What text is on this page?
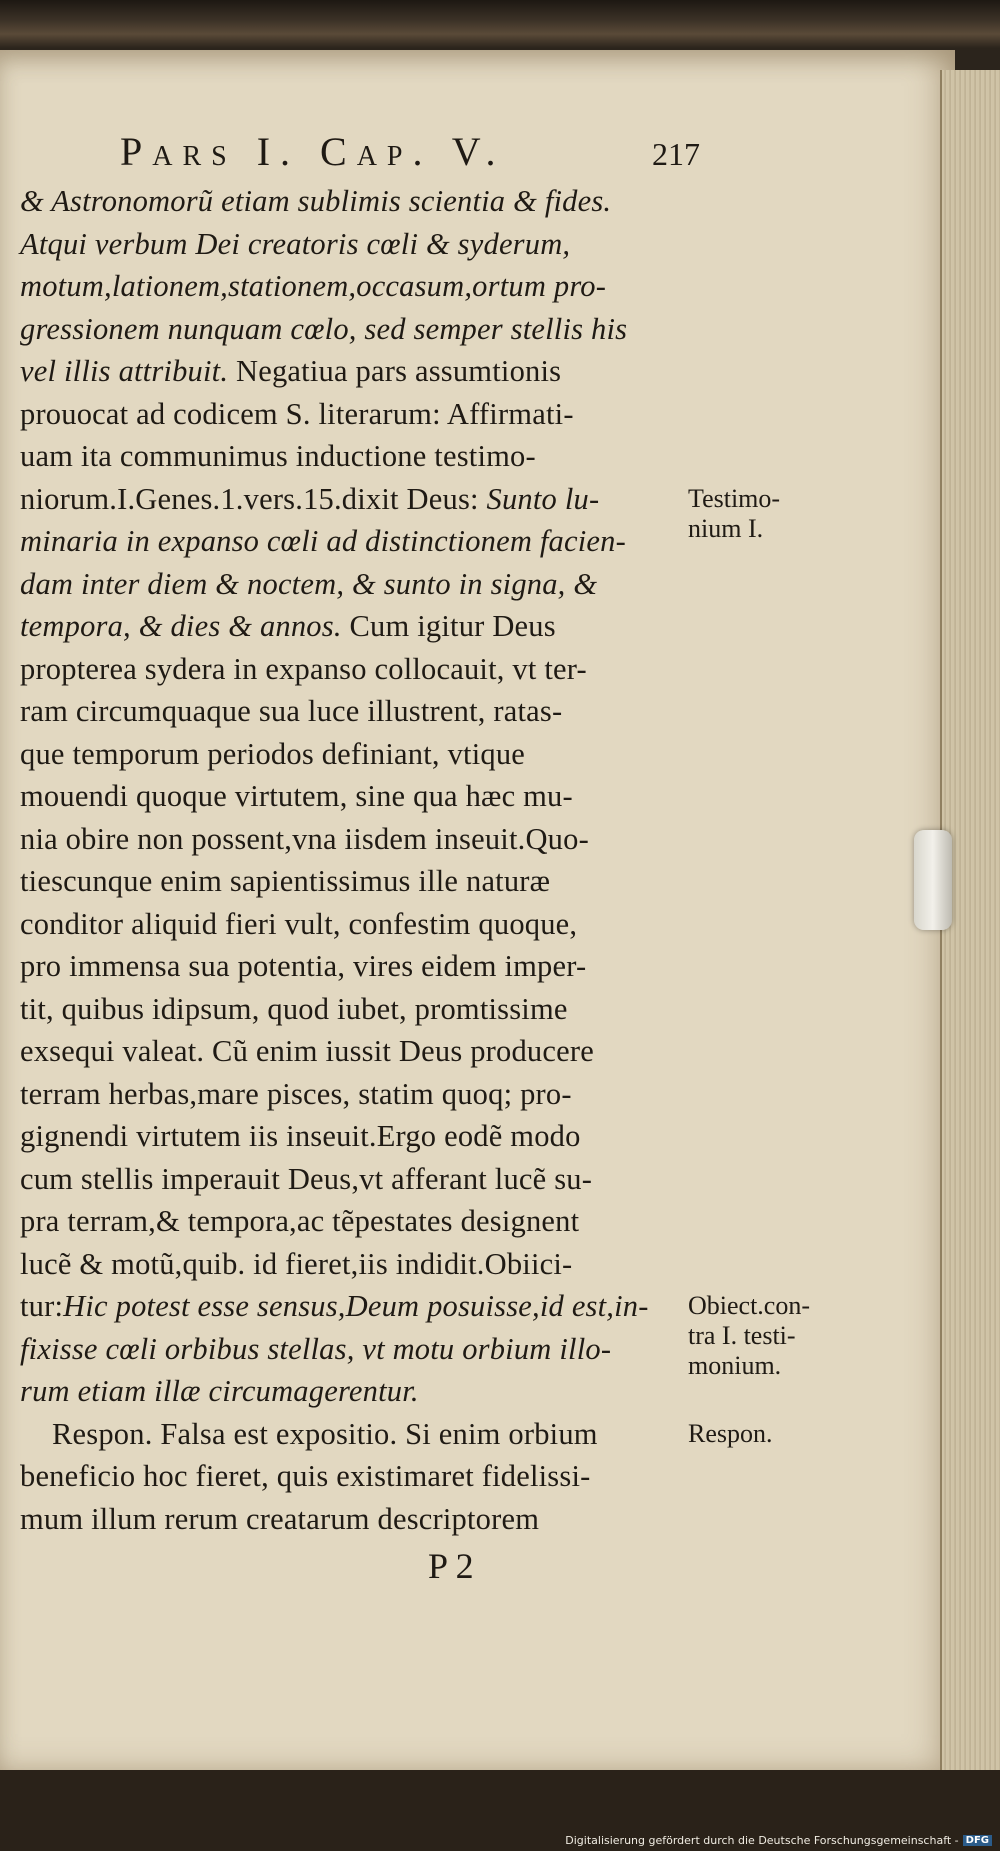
Pars I. Cap. V.	217
& Astronomorũ etiam sublimis scientia & fides.
Atqui verbum Dei creatoris cœli & syderum,
motum,lationem,stationem,occasum,ortum pro-
gressionem nunquam cœlo, sed semper stellis his
vel illis attribuit. Negatiua pars assumtionis
prouocat ad codicem S. literarum: Affirmati-
uam ita communimus inductione testimo-
niorum.I.Genes.1.vers.15.dixit Deus: Sunto lu-
minaria in expanso cœli ad distinctionem facien-
dam inter diem & noctem, & sunto in signa, &
tempora, & dies & annos. Cum igitur Deus
propterea sydera in expanso collocauit, vt ter-
ram circumquaque sua luce illustrent, ratas-
que temporum periodos definiant, vtique
mouendi quoque virtutem, sine qua hæc mu-
nia obire non possent,vna iisdem inseuit.Quo-
tiescunque enim sapientissimus ille naturæ
conditor aliquid fieri vult, confestim quoque,
pro immensa sua potentia, vires eidem imper-
tit, quibus idipsum, quod iubet, promtissime
exsequi valeat. Cũ enim iussit Deus producere
terram herbas,mare pisces, statim quoq; pro-
gignendi virtutem iis inseuit.Ergo eodẽ modo
cum stellis imperauit Deus,vt afferant lucẽ su-
pra terram,& tempora,ac tẽpestates designent
lucẽ & motũ,quib. id fieret,iis indidit.Obiici-
tur:Hic potest esse sensus,Deum posuisse,id est,in-
fixisse cœli orbibus stellas, vt motu orbium illo-
rum etiam illæ circumagerentur.
Respon. Falsa est expositio. Si enim orbium
beneficio hoc fieret, quis existimaret fidelissi-
mum illum rerum creatarum descriptorem
Testimo-
nium I.
Obiect.con-
tra I. testi-
monium.
Respon.
P 2
Digitalisierung gefördert durch die Deutsche Forschungsgemeinschaft - DFG
